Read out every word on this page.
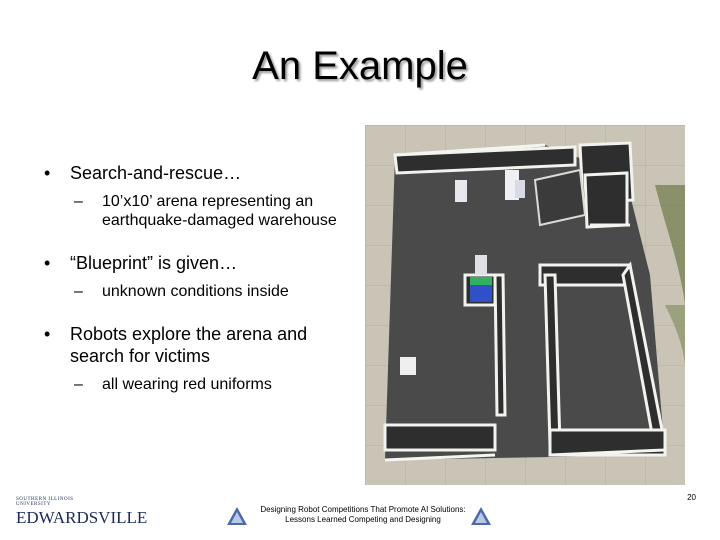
An Example
• Search-and-rescue…
– 10’x10’ arena representing an earthquake-damaged warehouse
• “Blueprint” is given…
– unknown conditions inside
• Robots explore the arena and search for victims
– all wearing red uniforms
20
SOUTHERN ILLINOIS UNIVERSITY
EDWARDSVILLE	Designing Robot Competitions That Promote AI Solutions:
Lessons Learned Competing and Designing
